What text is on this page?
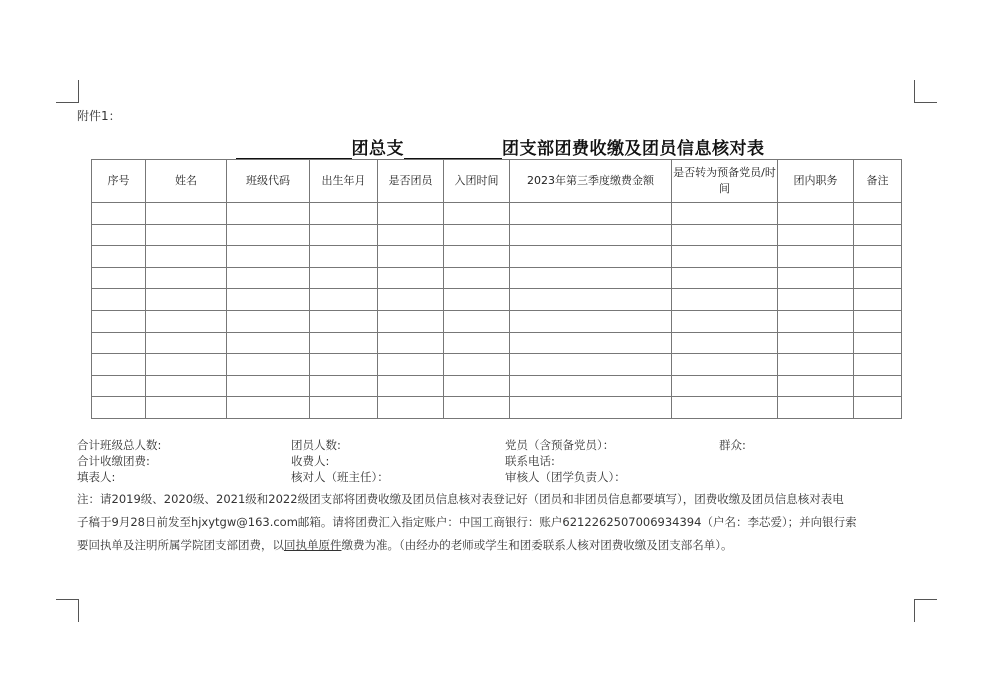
附件1：
团总支	团支部团费收缴及团员信息核对表
序号	姓名	班级代码	出生年月	是否团员	入团时间	2023年第三季度缴费金额	是否转为预备党员/时间	团内职务	备注

合计班级总人数:	团员人数:	党员（含预备党员）：	群众:
合计收缴团费:	收费人:	联系电话:
填表人:	核对人（班主任）：	审核人（团学负责人）：
注：请2019级、2020级、2021级和2022级团支部将团费收缴及团员信息核对表登记好（团员和非团员信息都要填写），团费收缴及团员信息核对表电
子稿于9月28日前发至hjxytgw@163.com邮箱。请将团费汇入指定账户：中国工商银行：账户6212262507006934394（户名：李芯爱）；并向银行索
要回执单及注明所属学院团支部团费，以回执单原件缴费为准。（由经办的老师或学生和团委联系人核对团费收缴及团支部名单）。
